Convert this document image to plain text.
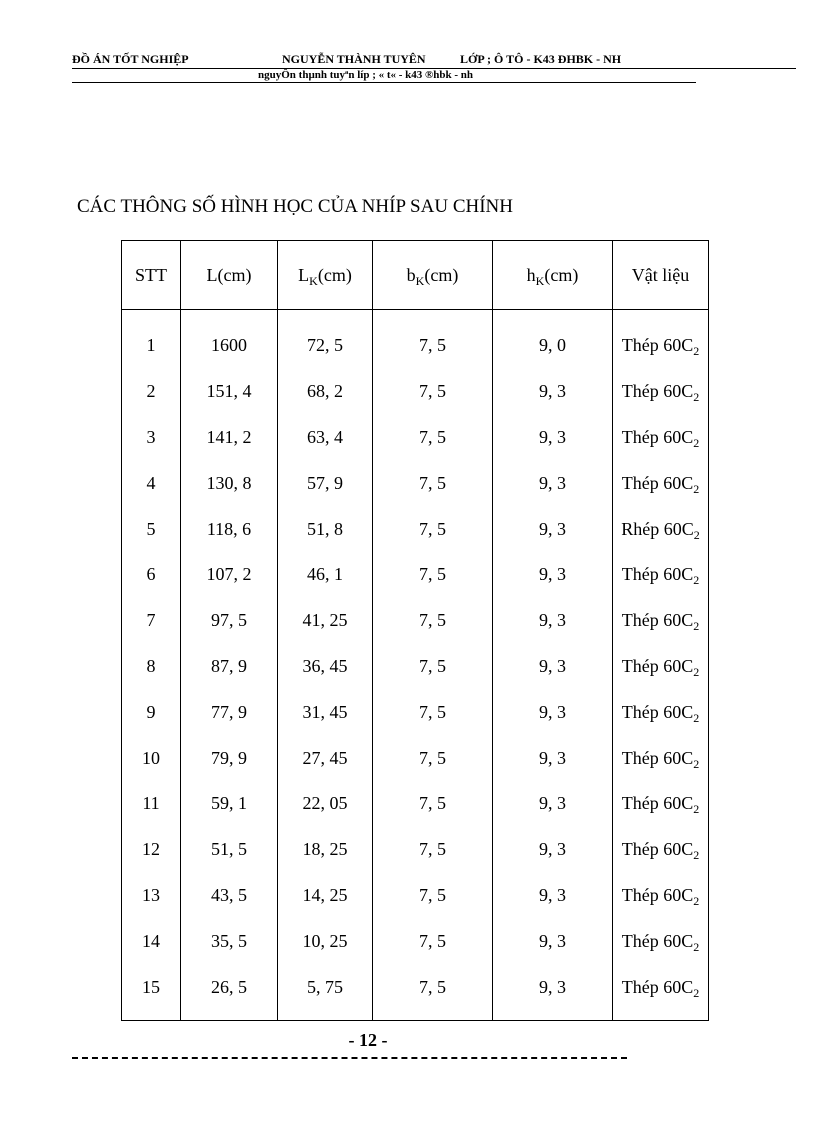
ĐỒ ÁN TỐT NGHIỆP	NGUYỄN THÀNH TUYÊN	LỚP ; Ô TÔ - K43 ĐHBK - NH
nguyÔn thµnh tuyªn líp ; « t« - k43 ®hbk - nh
CÁC THÔNG SỐ HÌNH HỌC CỦA NHÍP SAU CHÍNH
STT	L(cm)	$L_K(cm)$	$b_K(cm)$	$h_K(cm)$	Vật liệu

1	1600	72, 5	7, 5	9, 0	Thép $60C_2$
2	151, 4	68, 2	7, 5	9, 3	Thép $60C_2$
3	141, 2	63, 4	7, 5	9, 3	Thép $60C_2$
4	130, 8	57, 9	7, 5	9, 3	Thép $60C_2$
5	118, 6	51, 8	7, 5	9, 3	Rhép $60C_2$
6	107, 2	46, 1	7, 5	9, 3	Thép $60C_2$
7	97, 5	41, 25	7, 5	9, 3	Thép $60C_2$
8	87, 9	36, 45	7, 5	9, 3	Thép $60C_2$
9	77, 9	31, 45	7, 5	9, 3	Thép $60C_2$
10	79, 9	27, 45	7, 5	9, 3	Thép $60C_2$
11	59, 1	22, 05	7, 5	9, 3	Thép $60C_2$
12	51, 5	18, 25	7, 5	9, 3	Thép $60C_2$
13	43, 5	14, 25	7, 5	9, 3	Thép $60C_2$
14	35, 5	10, 25	7, 5	9, 3	Thép $60C_2$
15	26, 5	5, 75	7, 5	9, 3	Thép $60C_2$

- 12 -
